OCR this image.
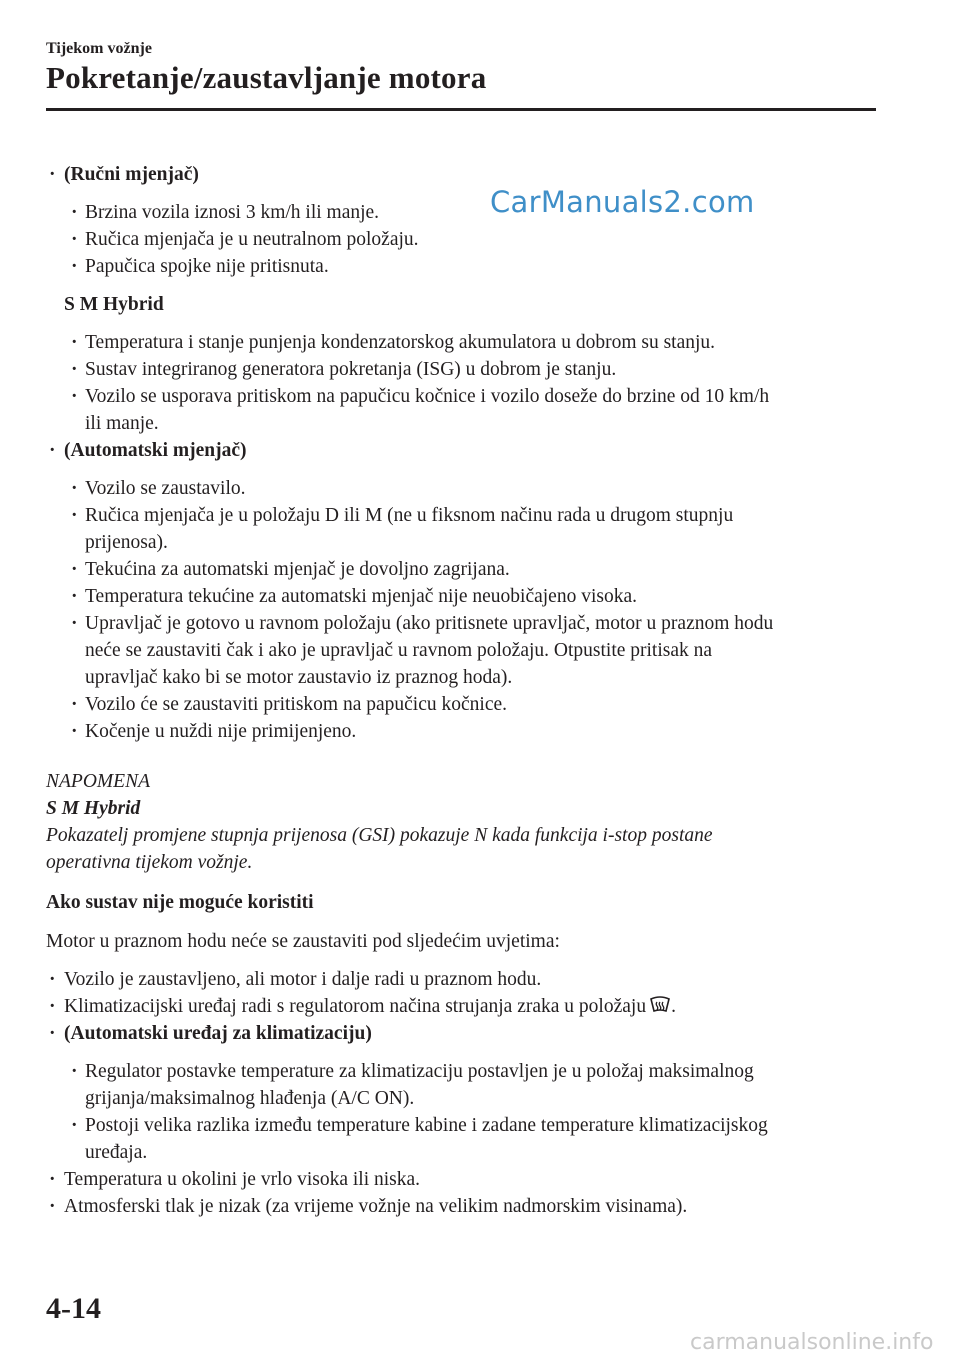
Tijekom vožnje
Pokretanje/zaustavljanje motora
CarManuals2.com
· (Ručni mjenjač)
· Brzina vozila iznosi 3 km/h ili manje.
· Ručica mjenjača je u neutralnom položaju.
· Papučica spojke nije pritisnuta.
S M Hybrid
· Temperatura i stanje punjenja kondenzatorskog akumulatora u dobrom su stanju.
· Sustav integriranog generatora pokretanja (ISG) u dobrom je stanju.
· Vozilo se usporava pritiskom na papučicu kočnice i vozilo doseže do brzine od 10 km/h
ili manje.
· (Automatski mjenjač)
· Vozilo se zaustavilo.
· Ručica mjenjača je u položaju D ili M (ne u fiksnom načinu rada u drugom stupnju
prijenosa).
· Tekućina za automatski mjenjač je dovoljno zagrijana.
· Temperatura tekućine za automatski mjenjač nije neuobičajeno visoka.
· Upravljač je gotovo u ravnom položaju (ako pritisnete upravljač, motor u praznom hodu
neće se zaustaviti čak i ako je upravljač u ravnom položaju. Otpustite pritisak na
upravljač kako bi se motor zaustavio iz praznog hoda).
· Vozilo će se zaustaviti pritiskom na papučicu kočnice.
· Kočenje u nuždi nije primijenjeno.
NAPOMENA
S M Hybrid
Pokazatelj promjene stupnja prijenosa (GSI) pokazuje N kada funkcija i-stop postane
operativna tijekom vožnje.
Ako sustav nije moguće koristiti
Motor u praznom hodu neće se zaustaviti pod sljedećim uvjetima:
· Vozilo je zaustavljeno, ali motor i dalje radi u praznom hodu.
· Klimatizacijski uređaj radi s regulatorom načina strujanja zraka u položaju .
· (Automatski uređaj za klimatizaciju)
· Regulator postavke temperature za klimatizaciju postavljen je u položaj maksimalnog
grijanja/maksimalnog hlađenja (A/C ON).
· Postoji velika razlika između temperature kabine i zadane temperature klimatizacijskog
uređaja.
· Temperatura u okolini je vrlo visoka ili niska.
· Atmosferski tlak je nizak (za vrijeme vožnje na velikim nadmorskim visinama).
4-14
carmanualsonline.info
